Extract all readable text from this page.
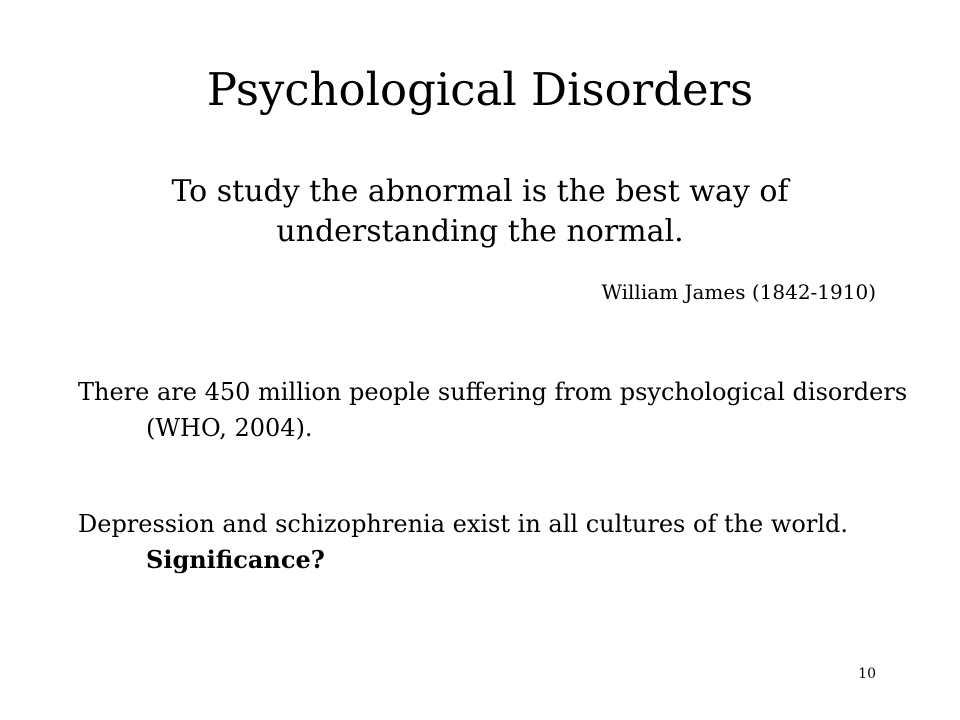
Psychological Disorders

To study the abnormal is the best way of understanding the normal.

William James (1842-1910)

There are 450 million people suffering from psychological disorders (WHO, 2004).

Depression and schizophrenia exist in all cultures of the world.  Significance?

10
